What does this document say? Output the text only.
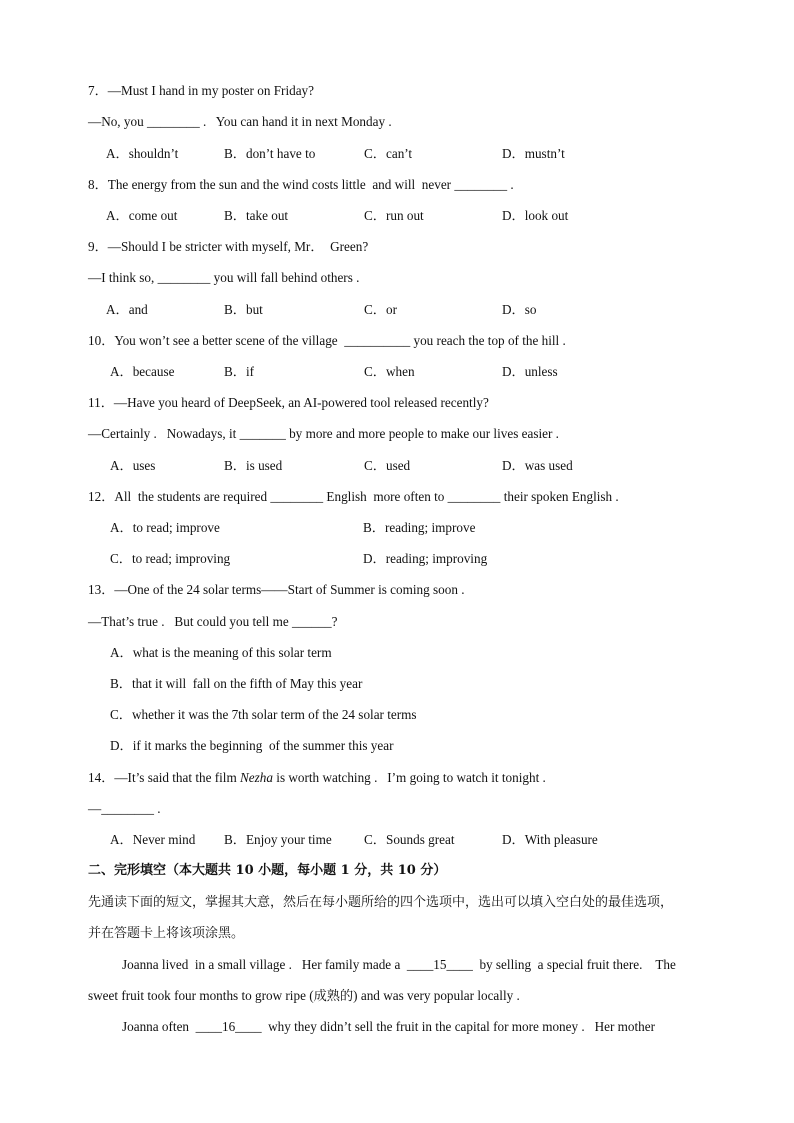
7．—Must I hand in my poster on Friday?
—No, you ________ .   You can hand it in next Monday .
A．shouldn’t	B．don’t have to	C．can’t	D．mustn’t
8．The energy from the sun and the wind costs little  and will  never ________ .
A．come out	B．take out	C．run out	D．look out
9．—Should I be stricter with myself, Mr．  Green?
—I think so, ________ you will fall behind others .
A．and	B．but	C．or	D．so
10．You won’t see a better scene of the village  __________ you reach the top of the hill .
A．because	B．if	C．when	D．unless
11．—Have you heard of DeepSeek, an AI-powered tool released recently?
—Certainly .   Nowadays, it _______ by more and more people to make our lives easier .
A．uses	B．is used	C．used	D．was used
12．All  the students are required ________ English  more often to ________ their spoken English .
A．to read; improve	B．reading; improve
C．to read; improving	D．reading; improving
13．—One of the 24 solar terms——Start of Summer is coming soon .
—That’s true .   But could you tell me ______?
A．what is the meaning of this solar term
B．that it will  fall on the fifth of May this year
C．whether it was the 7th solar term of the 24 solar terms
D．if it marks the beginning  of the summer this year
14．—It’s said that the film Nezha is worth watching .   I’m going to watch it tonight .
—________ .
A．Never mind B．Enjoy your time C．Sounds great	D．With pleasure
二、完形填空（本大题共 10 小题，每小题 1 分，共 10 分）
先通读下面的短文，掌握其大意，然后在每小题所给的四个选项中，选出可以填入空白处的最佳选项，
并在答题卡上将该项涂黑。
Joanna lived  in a small village .   Her family made a  ____15____  by selling  a special fruit there.    The
sweet fruit took four months to grow ripe (成熟的) and was very popular locally .
Joanna often  ____16____  why they didn’t sell the fruit in the capital for more money .   Her mother
